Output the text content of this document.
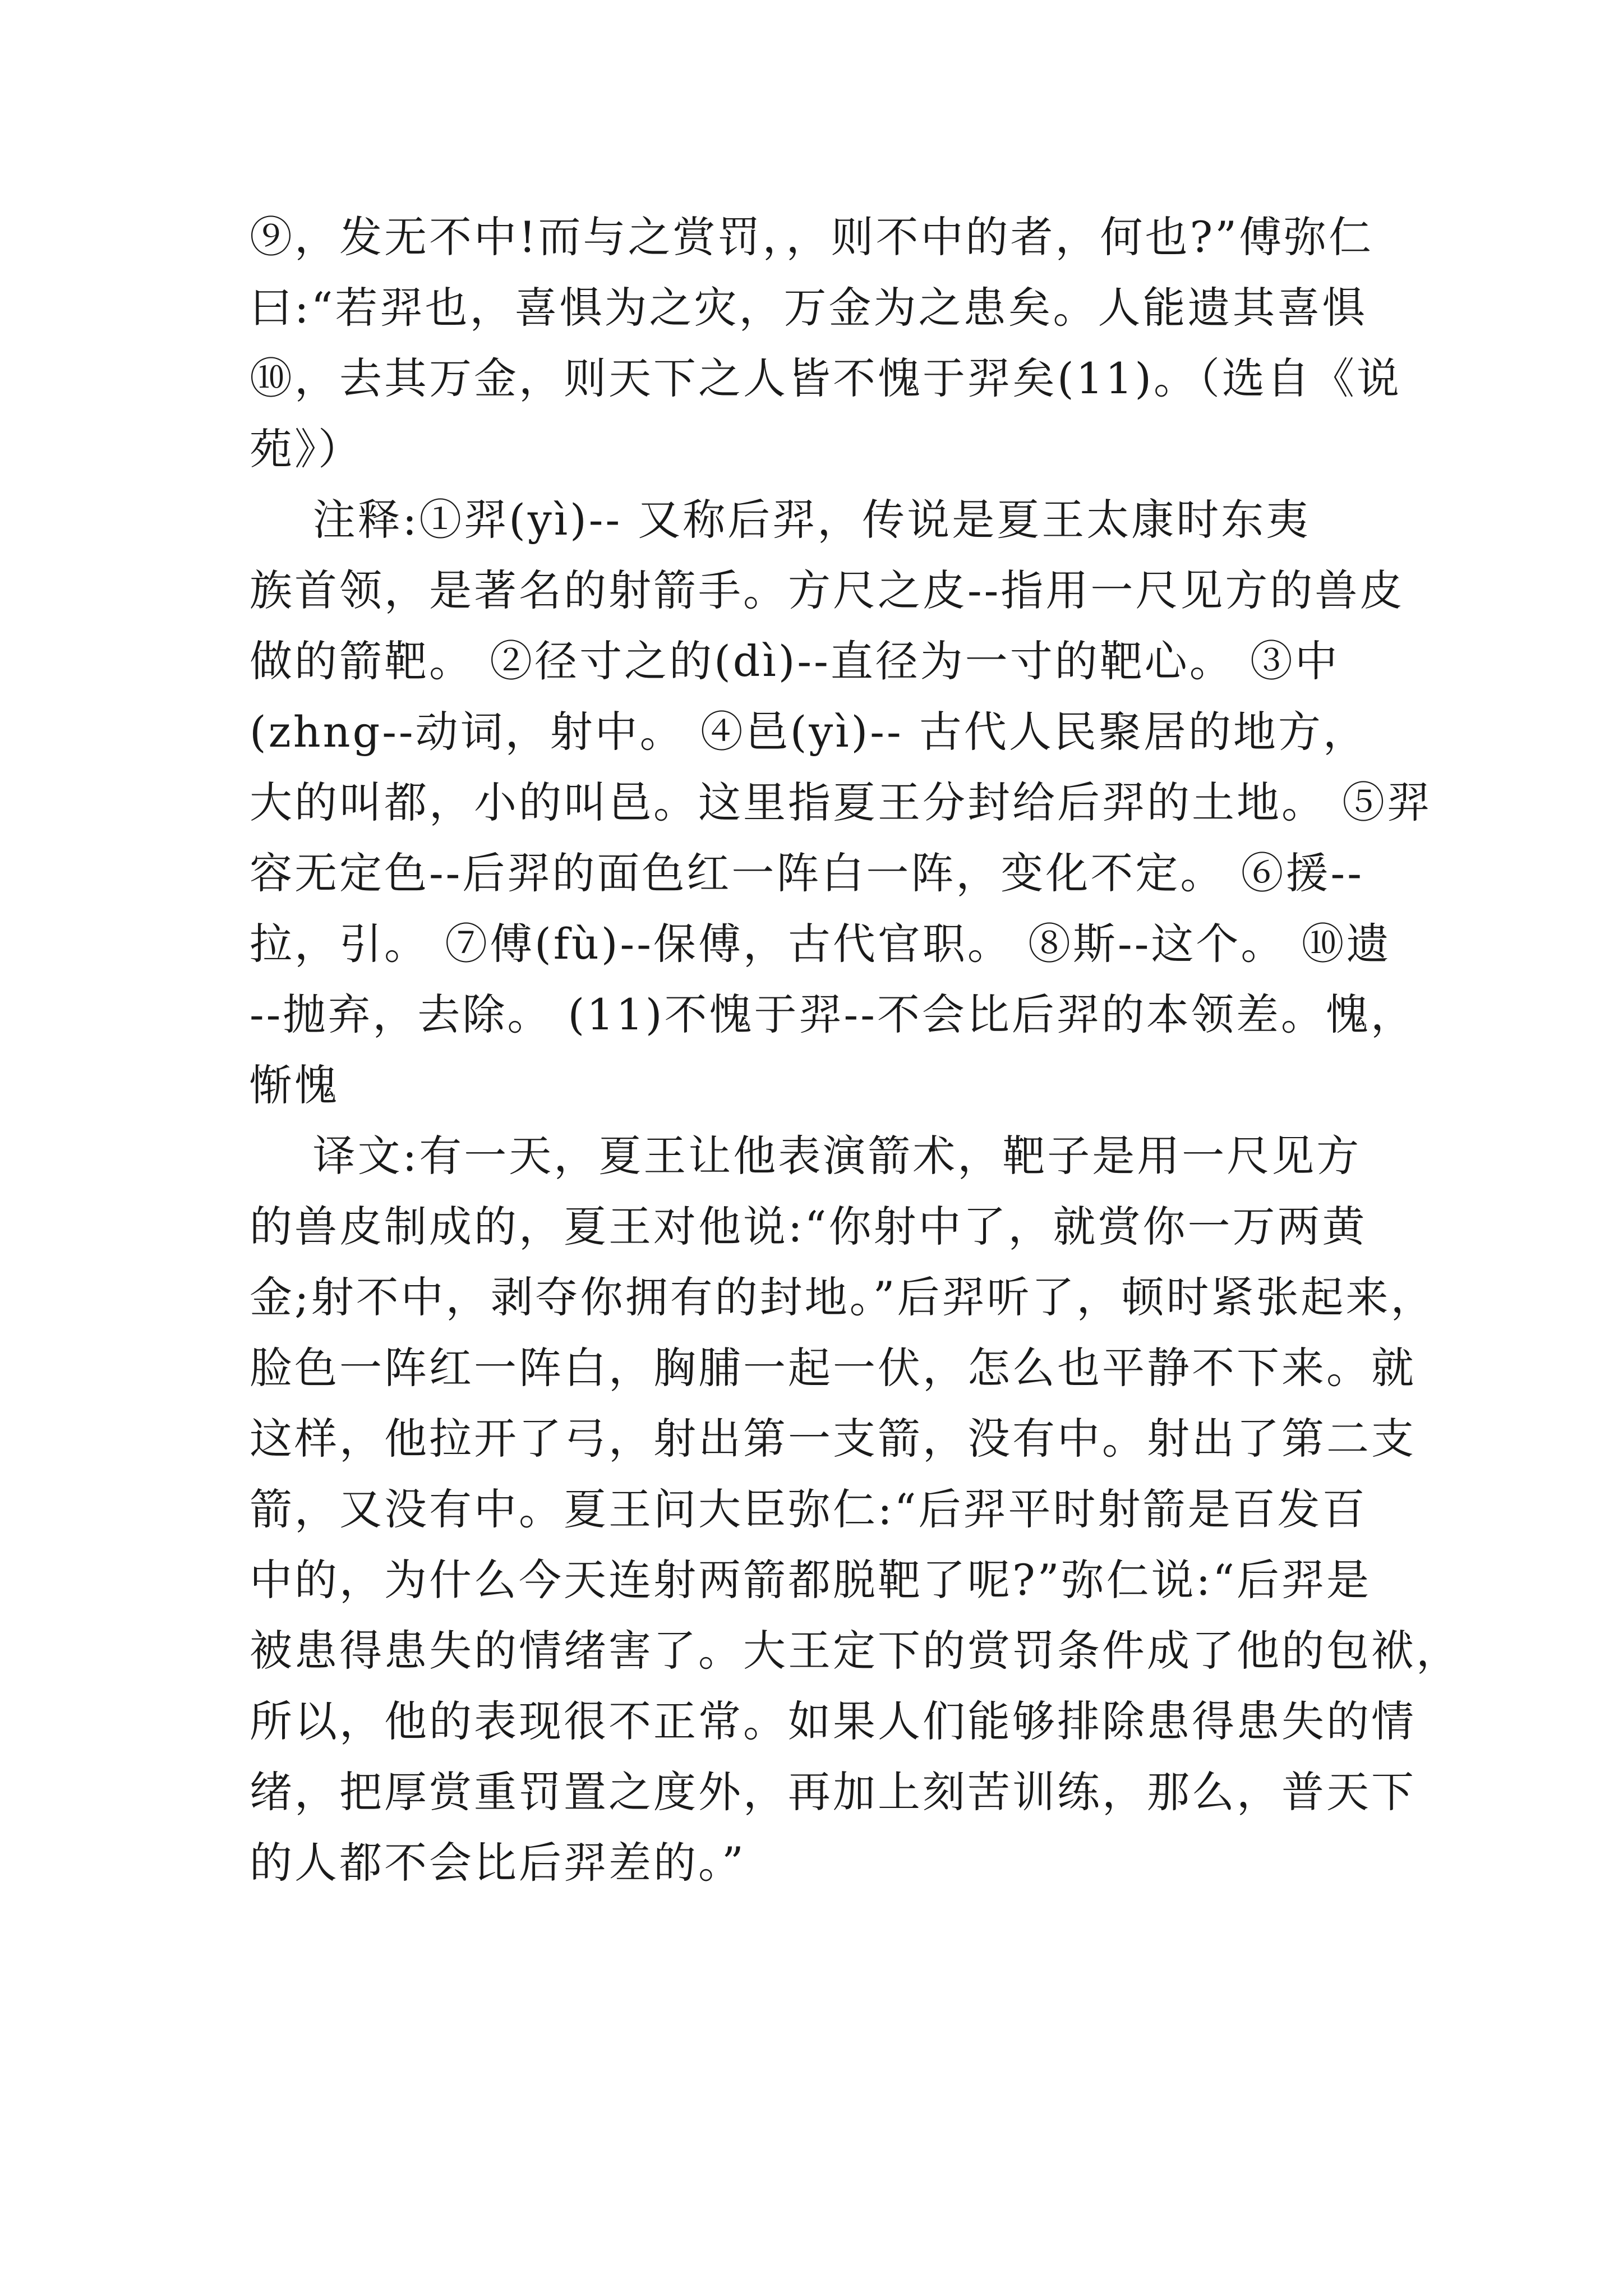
⑨，发无不中!而与之赏罚，，则不中的者，何也?”傅弥仁
曰:“若羿也，喜惧为之灾，万金为之患矣。人能遗其喜惧
⑩，去其万金，则天下之人皆不愧于羿矣(11)。（选自《说
苑》）
注释:①羿(yì)-- 又称后羿，传说是夏王太康时东夷
族首领，是著名的射箭手。方尺之皮--指用一尺见方的兽皮
做的箭靶。 ②径寸之的(dì)--直径为一寸的靶心。 ③中
(zhng--动词，射中。 ④邑(yì)-- 古代人民聚居的地方，
大的叫都，小的叫邑。这里指夏王分封给后羿的土地。 ⑤羿
容无定色--后羿的面色红一阵白一阵，变化不定。 ⑥援--
拉，引。 ⑦傅(fù)--保傅，古代官职。 ⑧斯--这个。 ⑩遗
--抛弃，去除。 (11)不愧于羿--不会比后羿的本领差。愧，
惭愧
译文:有一天，夏王让他表演箭术，靶子是用一尺见方
的兽皮制成的，夏王对他说:“你射中了，就赏你一万两黄
金;射不中，剥夺你拥有的封地。”后羿听了，顿时紧张起来，
脸色一阵红一阵白，胸脯一起一伏，怎么也平静不下来。就
这样，他拉开了弓，射出第一支箭，没有中。射出了第二支
箭，又没有中。夏王问大臣弥仁:“后羿平时射箭是百发百
中的，为什么今天连射两箭都脱靶了呢?”弥仁说:“后羿是
被患得患失的情绪害了。大王定下的赏罚条件成了他的包袱，
所以，他的表现很不正常。如果人们能够排除患得患失的情
绪，把厚赏重罚置之度外，再加上刻苦训练，那么，普天下
的人都不会比后羿差的。”
